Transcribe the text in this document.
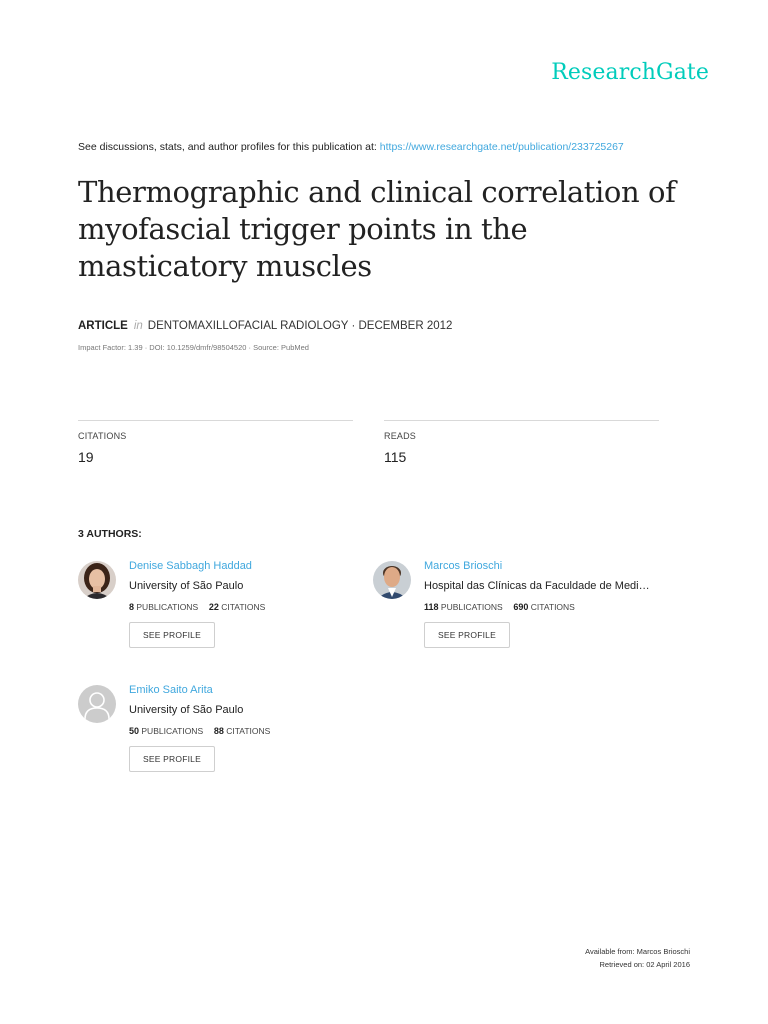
ResearchGate
See discussions, stats, and author profiles for this publication at: https://www.researchgate.net/publication/233725267
Thermographic and clinical correlation of myofascial trigger points in the masticatory muscles
ARTICLE in DENTOMAXILLOFACIAL RADIOLOGY · DECEMBER 2012
Impact Factor: 1.39 · DOI: 10.1259/dmfr/98504520 · Source: PubMed
CITATIONS
19
READS
115
3 AUTHORS:
Denise Sabbagh Haddad
University of São Paulo
8 PUBLICATIONS 22 CITATIONS
SEE PROFILE
Marcos Brioschi
Hospital das Clínicas da Faculdade de Medi…
118 PUBLICATIONS 690 CITATIONS
SEE PROFILE
Emiko Saito Arita
University of São Paulo
50 PUBLICATIONS 88 CITATIONS
SEE PROFILE
Available from: Marcos Brioschi
Retrieved on: 02 April 2016
